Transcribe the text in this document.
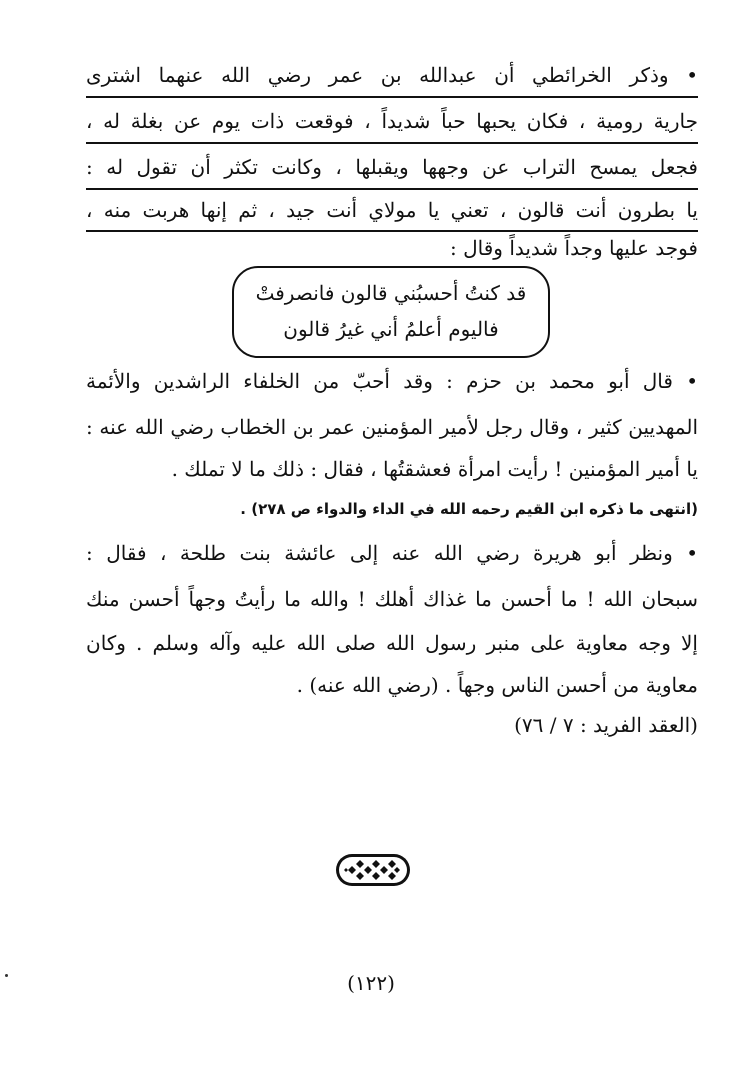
• وذكر الخرائطي أن عبدالله بن عمر رضي الله عنهما اشترى
جارية رومية ، فكان يحبها حباً شديداً ، فوقعت ذات يوم عن بغلة له ،
فجعل يمسح التراب عن وجهها ويقبلها ، وكانت تكثر أن تقول له :
يا بطرون أنت قالون ، تعني يا مولاي أنت جيد ، ثم إنها هربت منه ،
فوجد عليها وجداً شديداً وقال :
قد كنتُ أحسبُني قالون فانصرفتْ
فاليوم أعلمُ أني غيرُ قالون
• قال أبو محمد بن حزم : وقد أحبّ من الخلفاء الراشدين والأئمة
المهديين كثير ، وقال رجل لأمير المؤمنين عمر بن الخطاب رضي الله عنه :
يا أمير المؤمنين ! رأيت امرأة فعشقتُها ، فقال : ذلك ما لا تملك .
(انتهى ما ذكره ابن القيم رحمه الله في الداء والدواء ص ٢٧٨) .
• ونظر أبو هريرة رضي الله عنه إلى عائشة بنت طلحة ، فقال :
سبحان الله ! ما أحسن ما غذاك أهلك ! والله ما رأيتُ وجهاً أحسن منك
إلا وجه معاوية على منبر رسول الله صلى الله عليه وآله وسلم . وكان
معاوية من أحسن الناس وجهاً . (رضي الله عنه) .
(العقد الفريد : ٧ / ٧٦)
(١٢٢)
